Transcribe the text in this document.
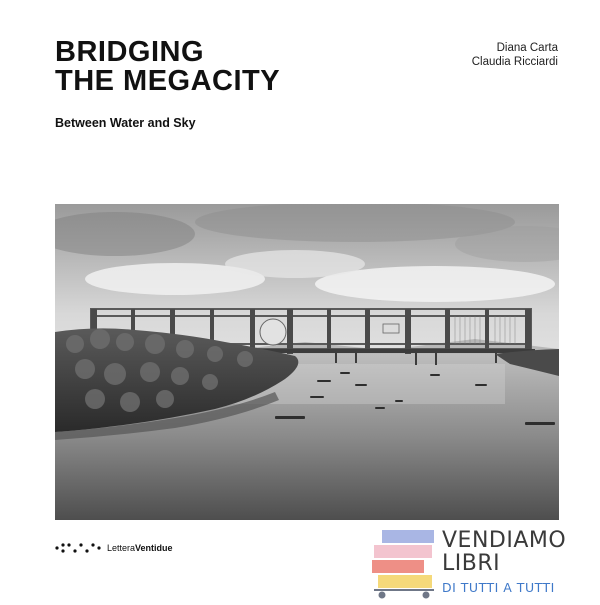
BRIDGING
THE MEGACITY
Between Water and Sky
Diana Carta
Claudia Ricciardi
LetteraVentidue	VENDIAMO
LIBRI
DI TUTTI A TUTTI
